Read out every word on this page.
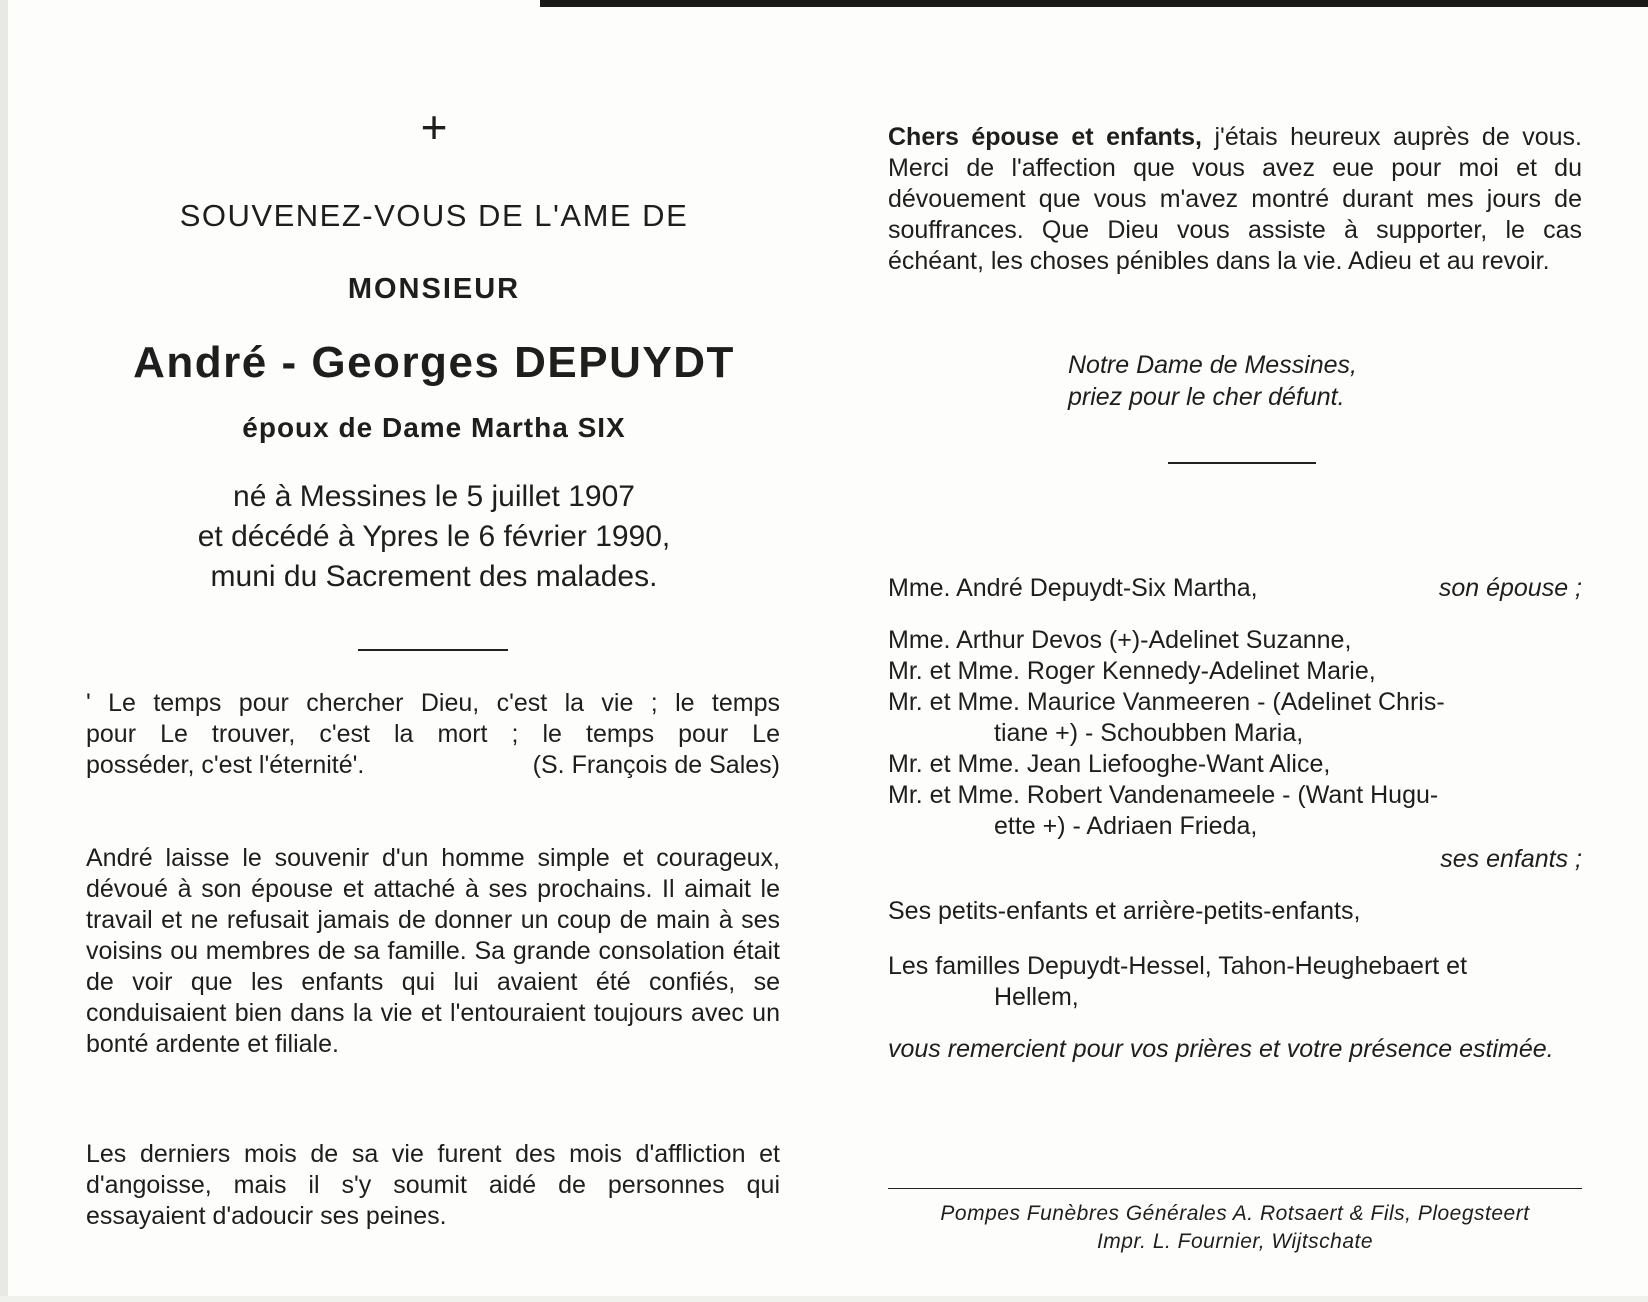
+
SOUVENEZ-VOUS DE L'AME DE
MONSIEUR
André - Georges DEPUYDT
époux de Dame Martha SIX
né à Messines le 5 juillet 1907
et décédé à Ypres le 6 février 1990,
muni du Sacrement des malades.
' Le temps pour chercher Dieu, c'est la vie ; le temps
pour Le trouver, c'est la mort ; le temps pour Le
posséder, c'est l'éternité'.	(S. François de Sales)
André laisse le souvenir d'un homme simple et courageux, dévoué à son épouse et attaché à ses prochains. Il aimait le travail et ne refusait jamais de donner un coup de main à ses voisins ou membres de sa famille. Sa grande consolation était de voir que les enfants qui lui avaient été confiés, se conduisaient bien dans la vie et l'entouraient toujours avec un bonté ardente et filiale.
Les derniers mois de sa vie furent des mois d'affliction et d'angoisse, mais il s'y soumit aidé de personnes qui essayaient d'adoucir ses peines.
Chers épouse et enfants, j'étais heureux auprès de vous. Merci de l'affection que vous avez eue pour moi et du dévouement que vous m'avez montré durant mes jours de souffrances. Que Dieu vous assiste à supporter, le cas échéant, les choses pénibles dans la vie. Adieu et au revoir.
Notre Dame de Messines,
priez pour le cher défunt.
Mme. André Depuydt-Six Martha,	son épouse ;
Mme. Arthur Devos (+)-Adelinet Suzanne,
Mr. et Mme. Roger Kennedy-Adelinet Marie,
Mr. et Mme. Maurice Vanmeeren - (Adelinet Chris-
tiane +) - Schoubben Maria,
Mr. et Mme. Jean Liefooghe-Want Alice,
Mr. et Mme. Robert Vandenameele - (Want Hugu-
ette +) - Adriaen Frieda,
ses enfants ;
Ses petits-enfants et arrière-petits-enfants,
Les familles Depuydt-Hessel, Tahon-Heughebaert et
Hellem,
vous remercient pour vos prières et votre présence estimée.
Pompes Funèbres Générales A. Rotsaert & Fils, Ploegsteert
Impr. L. Fournier, Wijtschate
